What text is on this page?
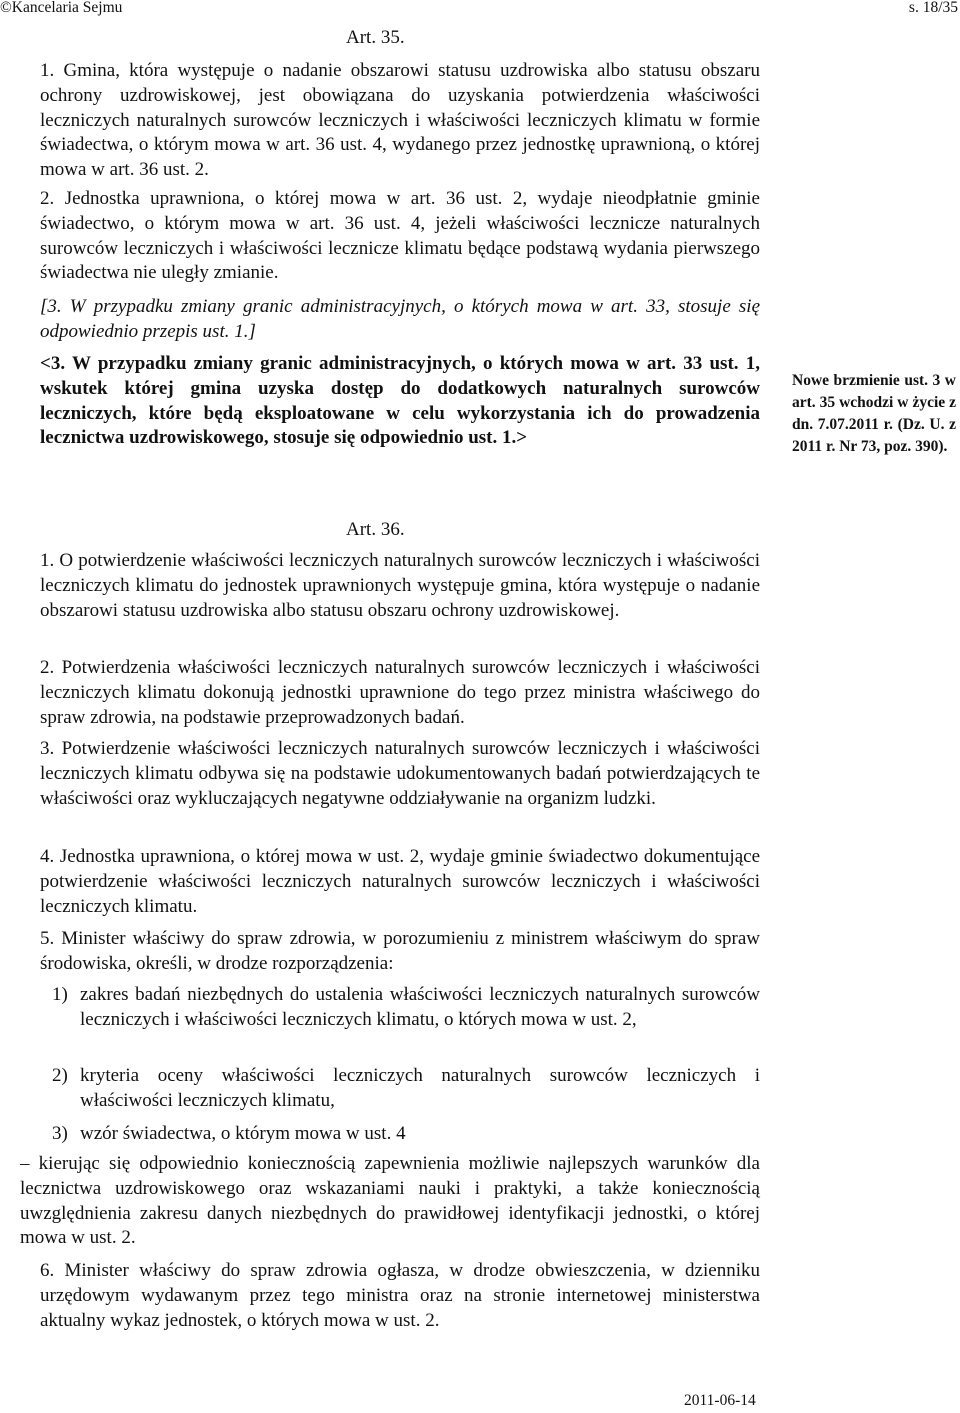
©Kancelaria Sejmu	s. 18/35
Art. 35.

1. Gmina, która występuje o nadanie obszarowi statusu uzdrowiska albo statusu obszaru ochrony uzdrowiskowej, jest obowiązana do uzyskania potwierdzenia właściwości leczniczych naturalnych surowców leczniczych i właściwości leczniczych klimatu w formie świadectwa, o którym mowa w art. 36 ust. 4, wydanego przez jednostkę uprawnioną, o której mowa w art. 36 ust. 2.

2. Jednostka uprawniona, o której mowa w art. 36 ust. 2, wydaje nieodpłatnie gminie świadectwo, o którym mowa w art. 36 ust. 4, jeżeli właściwości lecznicze naturalnych surowców leczniczych i właściwości lecznicze klimatu będące podstawą wydania pierwszego świadectwa nie uległy zmianie.

[3. W przypadku zmiany granic administracyjnych, o których mowa w art. 33, stosuje się odpowiednio przepis ust. 1.]

<3. W przypadku zmiany granic administracyjnych, o których mowa w art. 33 ust. 1, wskutek której gmina uzyska dostęp do dodatkowych naturalnych surowców leczniczych, które będą eksploatowane w celu wykorzystania ich do prowadzenia lecznictwa uzdrowiskowego, stosuje się odpowiednio ust. 1.>

Nowe brzmienie ust. 3 w art. 35 wchodzi w życie z dn. 7.07.2011 r. (Dz. U. z 2011 r. Nr 73, poz. 390).
Art. 36.

1. O potwierdzenie właściwości leczniczych naturalnych surowców leczniczych i właściwości leczniczych klimatu do jednostek uprawnionych występuje gmina, która występuje o nadanie obszarowi statusu uzdrowiska albo statusu obszaru ochrony uzdrowiskowej.

2. Potwierdzenia właściwości leczniczych naturalnych surowców leczniczych i właściwości leczniczych klimatu dokonują jednostki uprawnione do tego przez ministra właściwego do spraw zdrowia, na podstawie przeprowadzonych badań.

3. Potwierdzenie właściwości leczniczych naturalnych surowców leczniczych i właściwości leczniczych klimatu odbywa się na podstawie udokumentowanych badań potwierdzających te właściwości oraz wykluczających negatywne oddziaływanie na organizm ludzki.

4. Jednostka uprawniona, o której mowa w ust. 2, wydaje gminie świadectwo dokumentujące potwierdzenie właściwości leczniczych naturalnych surowców leczniczych i właściwości leczniczych klimatu.

5. Minister właściwy do spraw zdrowia, w porozumieniu z ministrem właściwym do spraw środowiska, określi, w drodze rozporządzenia:

1) zakres badań niezbędnych do ustalenia właściwości leczniczych naturalnych surowców leczniczych i właściwości leczniczych klimatu, o których mowa w ust. 2,
2) kryteria oceny właściwości leczniczych naturalnych surowców leczniczych i właściwości leczniczych klimatu,
3) wzór świadectwa, o którym mowa w ust. 4

– kierując się odpowiednio koniecznością zapewnienia możliwie najlepszych warunków dla lecznictwa uzdrowiskowego oraz wskazaniami nauki i praktyki, a także koniecznością uwzględnienia zakresu danych niezbędnych do prawidłowej identyfikacji jednostki, o której mowa w ust. 2.

6. Minister właściwy do spraw zdrowia ogłasza, w drodze obwieszczenia, w dzienniku urzędowym wydawanym przez tego ministra oraz na stronie internetowej ministerstwa aktualny wykaz jednostek, o których mowa w ust. 2.

2011-06-14
